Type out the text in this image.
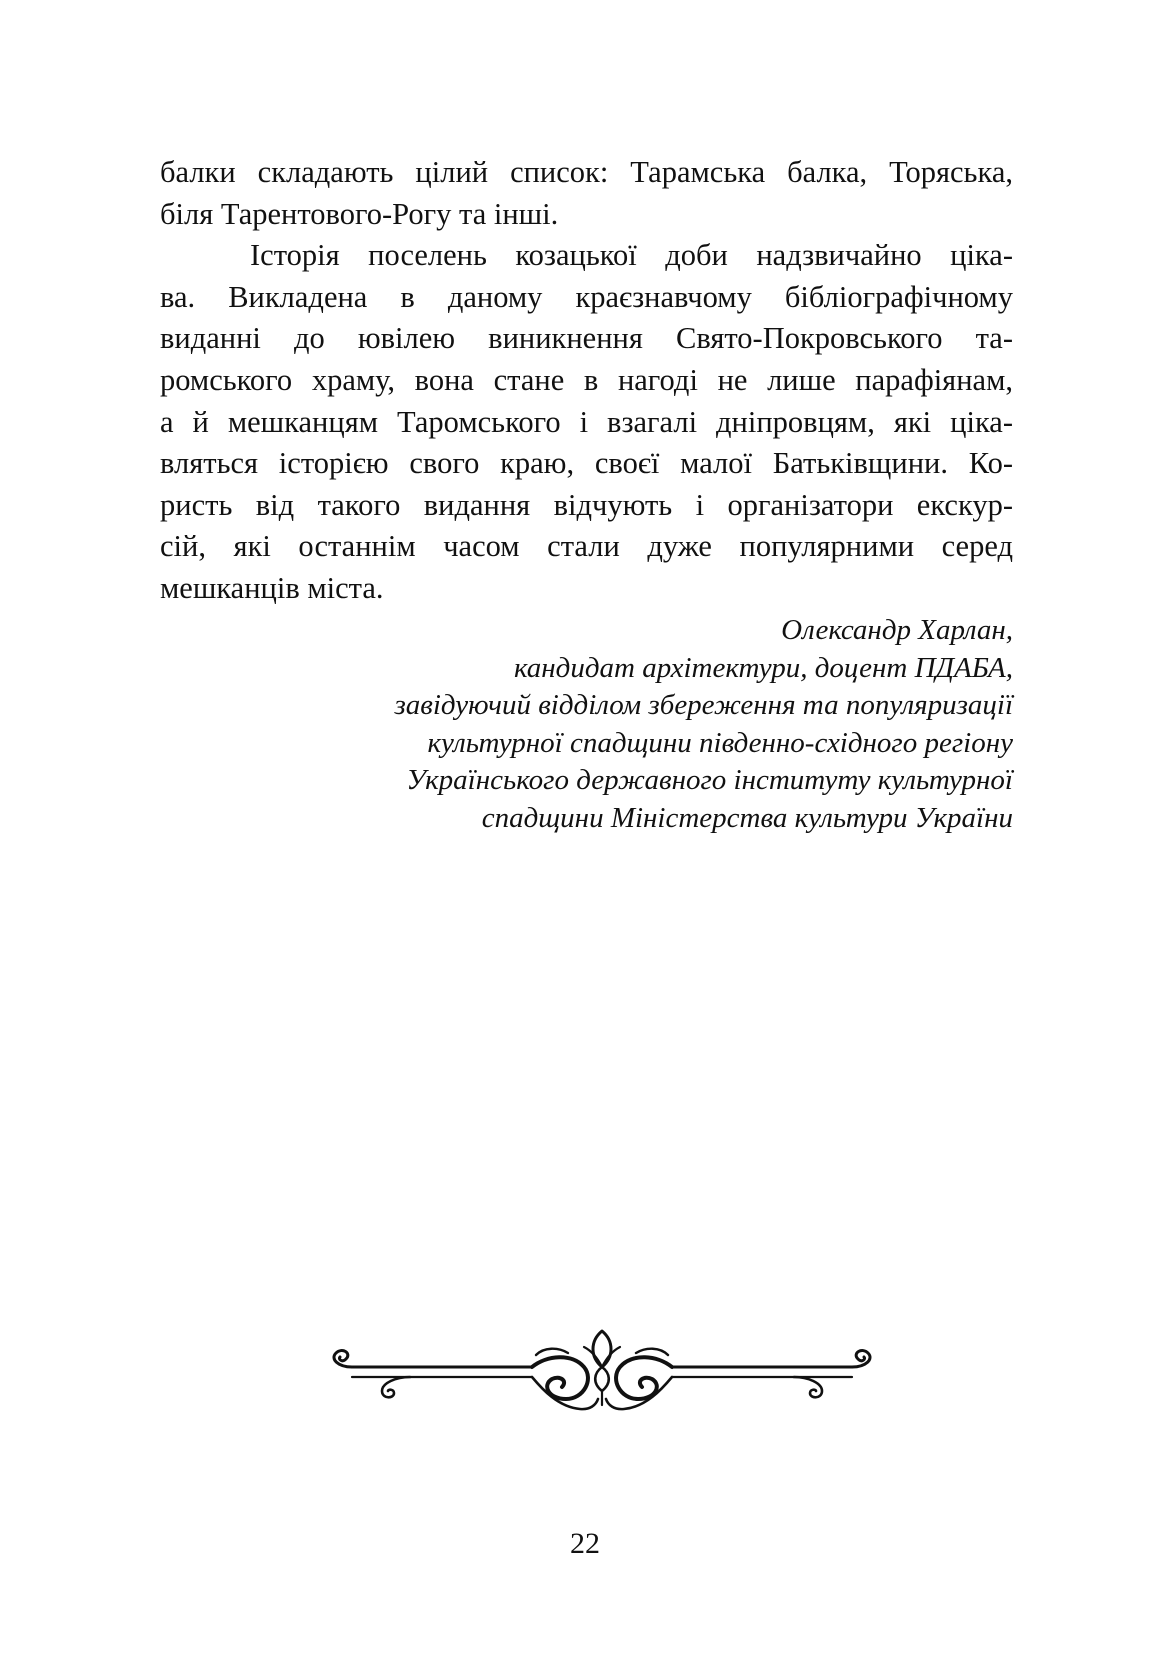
балки складають цілий список: Тарамська балка, Торяська,
біля Тарентового-Рогу та інші.
Історія поселень козацької доби надзвичайно ціка-
ва. Викладена в даному краєзнавчому бібліографічному
виданні до ювілею виникнення Свято-Покровського та-
ромського храму, вона стане в нагоді не лише парафіянам,
а й мешканцям Таромського і взагалі дніпровцям, які ціка-
вляться історією свого краю, своєї малої Батьківщини. Ко-
ристь від такого видання відчують і організатори екскур-
сій, які останнім часом стали дуже популярними серед
мешканців міста.
Олександр Харлан,
кандидат архітектури, доцент ПДАБА,
завідуючий відділом збереження та популяризації
культурної спадщини південно-східного регіону
Українського державного інституту культурної
спадщини Міністерства культури України
22
